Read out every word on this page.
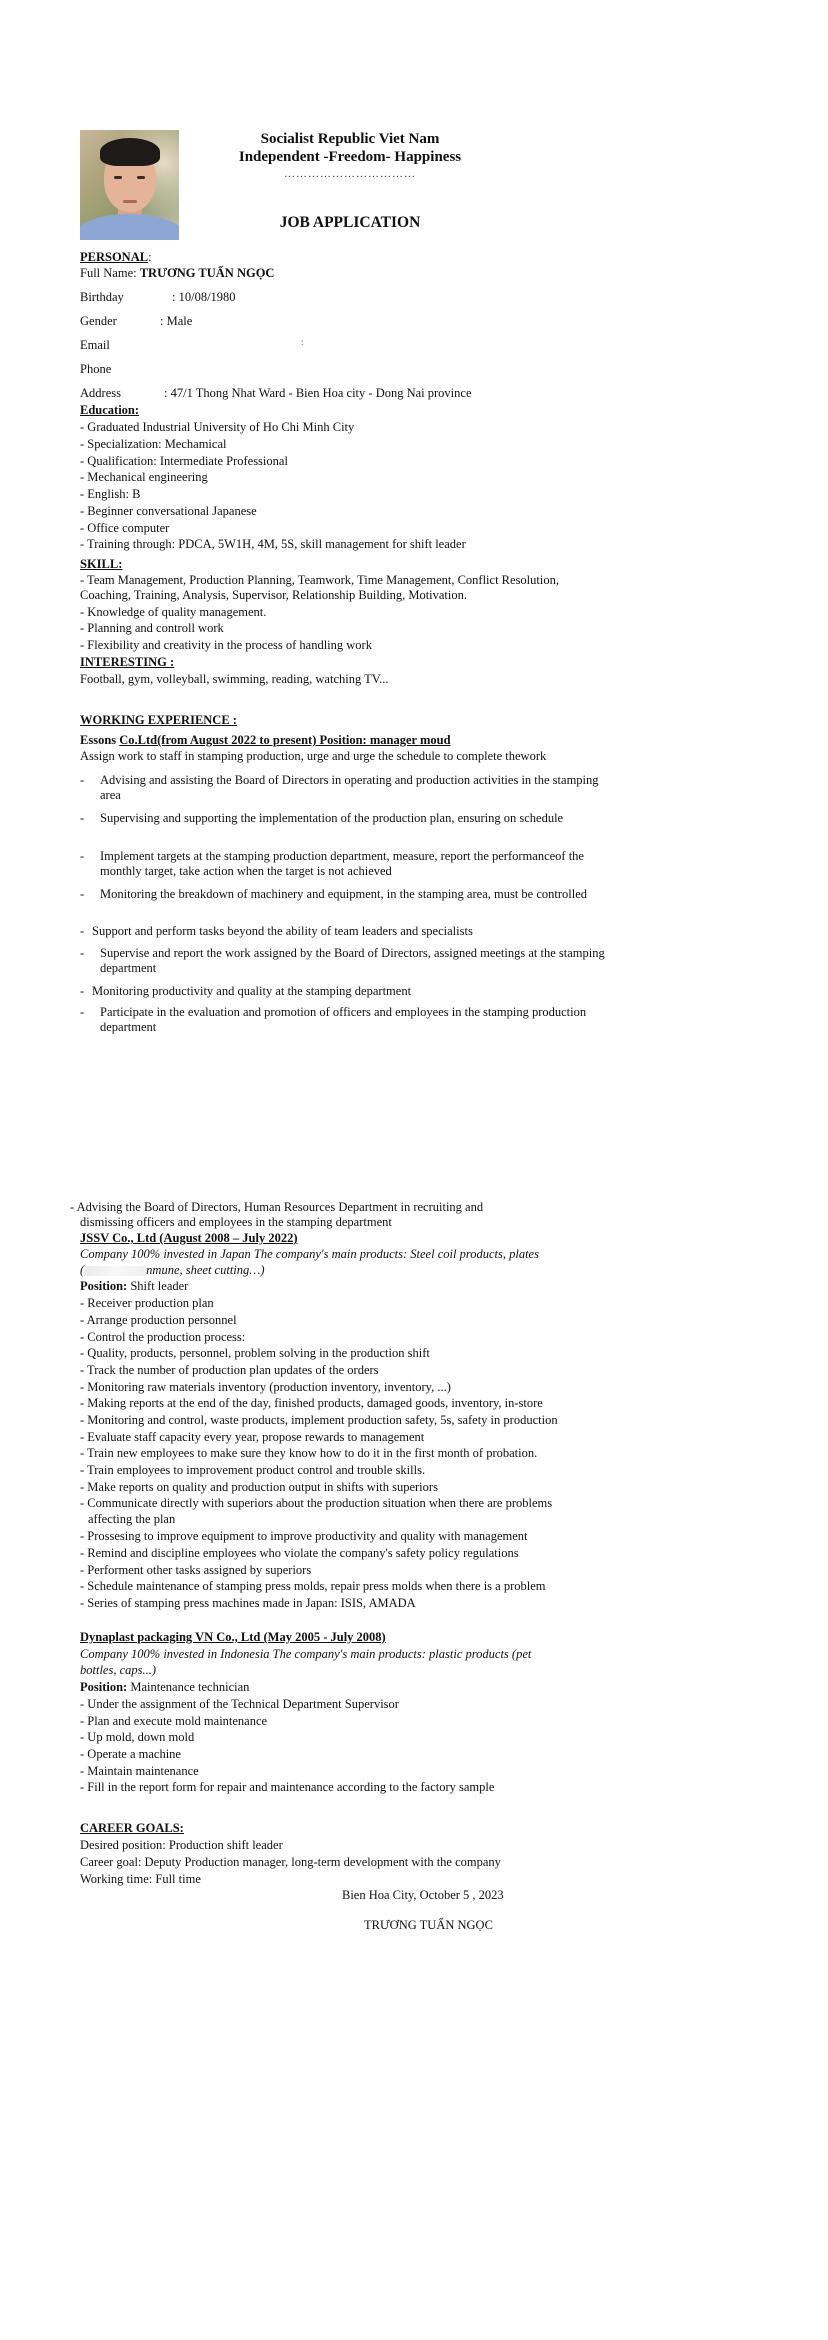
Socialist Republic Viet Nam
Independent -Freedom- Happiness
……………………………
JOB APPLICATION
PERSONAL:
Full Name: TRƯƠNG TUẤN NGỌC
Birthday	: 10/08/1980
Gender	: Male
Email	:
Phone
Address	: 47/1 Thong Nhat Ward - Bien Hoa city - Dong Nai province
Education:
- Graduated Industrial University of Ho Chi Minh City
- Specialization: Mechamical
- Qualification: Intermediate Professional
- Mechanical engineering
- English: B
- Beginner conversational Japanese
- Office computer
- Training through: PDCA, 5W1H, 4M, 5S, skill management for shift leader
SKILL:
- Team Management, Production Planning, Teamwork, Time Management, Conflict Resolution,
Coaching, Training, Analysis, Supervisor, Relationship Building, Motivation.
- Knowledge of quality management.
- Planning and controll work
- Flexibility and creativity in the process of handling work
INTERESTING :
Football, gym, volleyball, swimming, reading, watching TV...
WORKING EXPERIENCE :
Essons Co.Ltd(from August 2022 to present) Position: manager moud
Assign work to staff in stamping production, urge and urge the schedule to complete thework
- Advising and assisting the Board of Directors in operating and production activities in the stamping area
- Supervising and supporting the implementation of the production plan, ensuring on schedule
- Implement targets at the stamping production department, measure, report the performanceof the monthly target, take action when the target is not achieved
- Monitoring the breakdown of machinery and equipment, in the stamping area, must be controlled
- Support and perform tasks beyond the ability of team leaders and specialists
- Supervise and report the work assigned by the Board of Directors, assigned meetings at the stamping department
- Monitoring productivity and quality at the stamping department
- Participate in the evaluation and promotion of officers and employees in the stamping production department
- Advising the Board of Directors, Human Resources Department in recruiting and
dismissing officers and employees in the stamping department
JSSV Co., Ltd (August 2008 – July 2022)
Company 100% invested in Japan The company's main products: Steel coil products, plates
(	nmune, sheet cutting…)
Position: Shift leader
- Receiver production plan
- Arrange production personnel
- Control the production process:
- Quality, products, personnel, problem solving in the production shift
- Track the number of production plan updates of the orders
- Monitoring raw materials inventory (production inventory, inventory, ...)
- Making reports at the end of the day, finished products, damaged goods, inventory, in-store
- Monitoring and control, waste products, implement production safety, 5s, safety in production
- Evaluate staff capacity every year, propose rewards to management
- Train new employees to make sure they know how to do it in the first month of probation.
- Train employees to improvement product control and trouble skills.
- Make reports on quality and production output in shifts with superiors
- Communicate directly with superiors about the production situation when there are problems
affecting the plan
- Prossesing to improve equipment to improve productivity and quality with management
- Remind and discipline employees who violate the company's safety policy regulations
- Performent other tasks assigned by superiors
- Schedule maintenance of stamping press molds, repair press molds when there is a problem
- Series of stamping press machines made in Japan: ISIS, AMADA
Dynaplast packaging VN Co., Ltd (May 2005 - July 2008)
Company 100% invested in Indonesia The company's main products: plastic products (pet
bottles, caps...)
Position: Maintenance technician
- Under the assignment of the Technical Department Supervisor
- Plan and execute mold maintenance
- Up mold, down mold
- Operate a machine
- Maintain maintenance
- Fill in the report form for repair and maintenance according to the factory sample
CAREER GOALS:
Desired position: Production shift leader
Career goal: Deputy Production manager, long-term development with the company
Working time: Full time
Bien Hoa City, October 5 , 2023
TRƯƠNG TUẤN NGỌC
